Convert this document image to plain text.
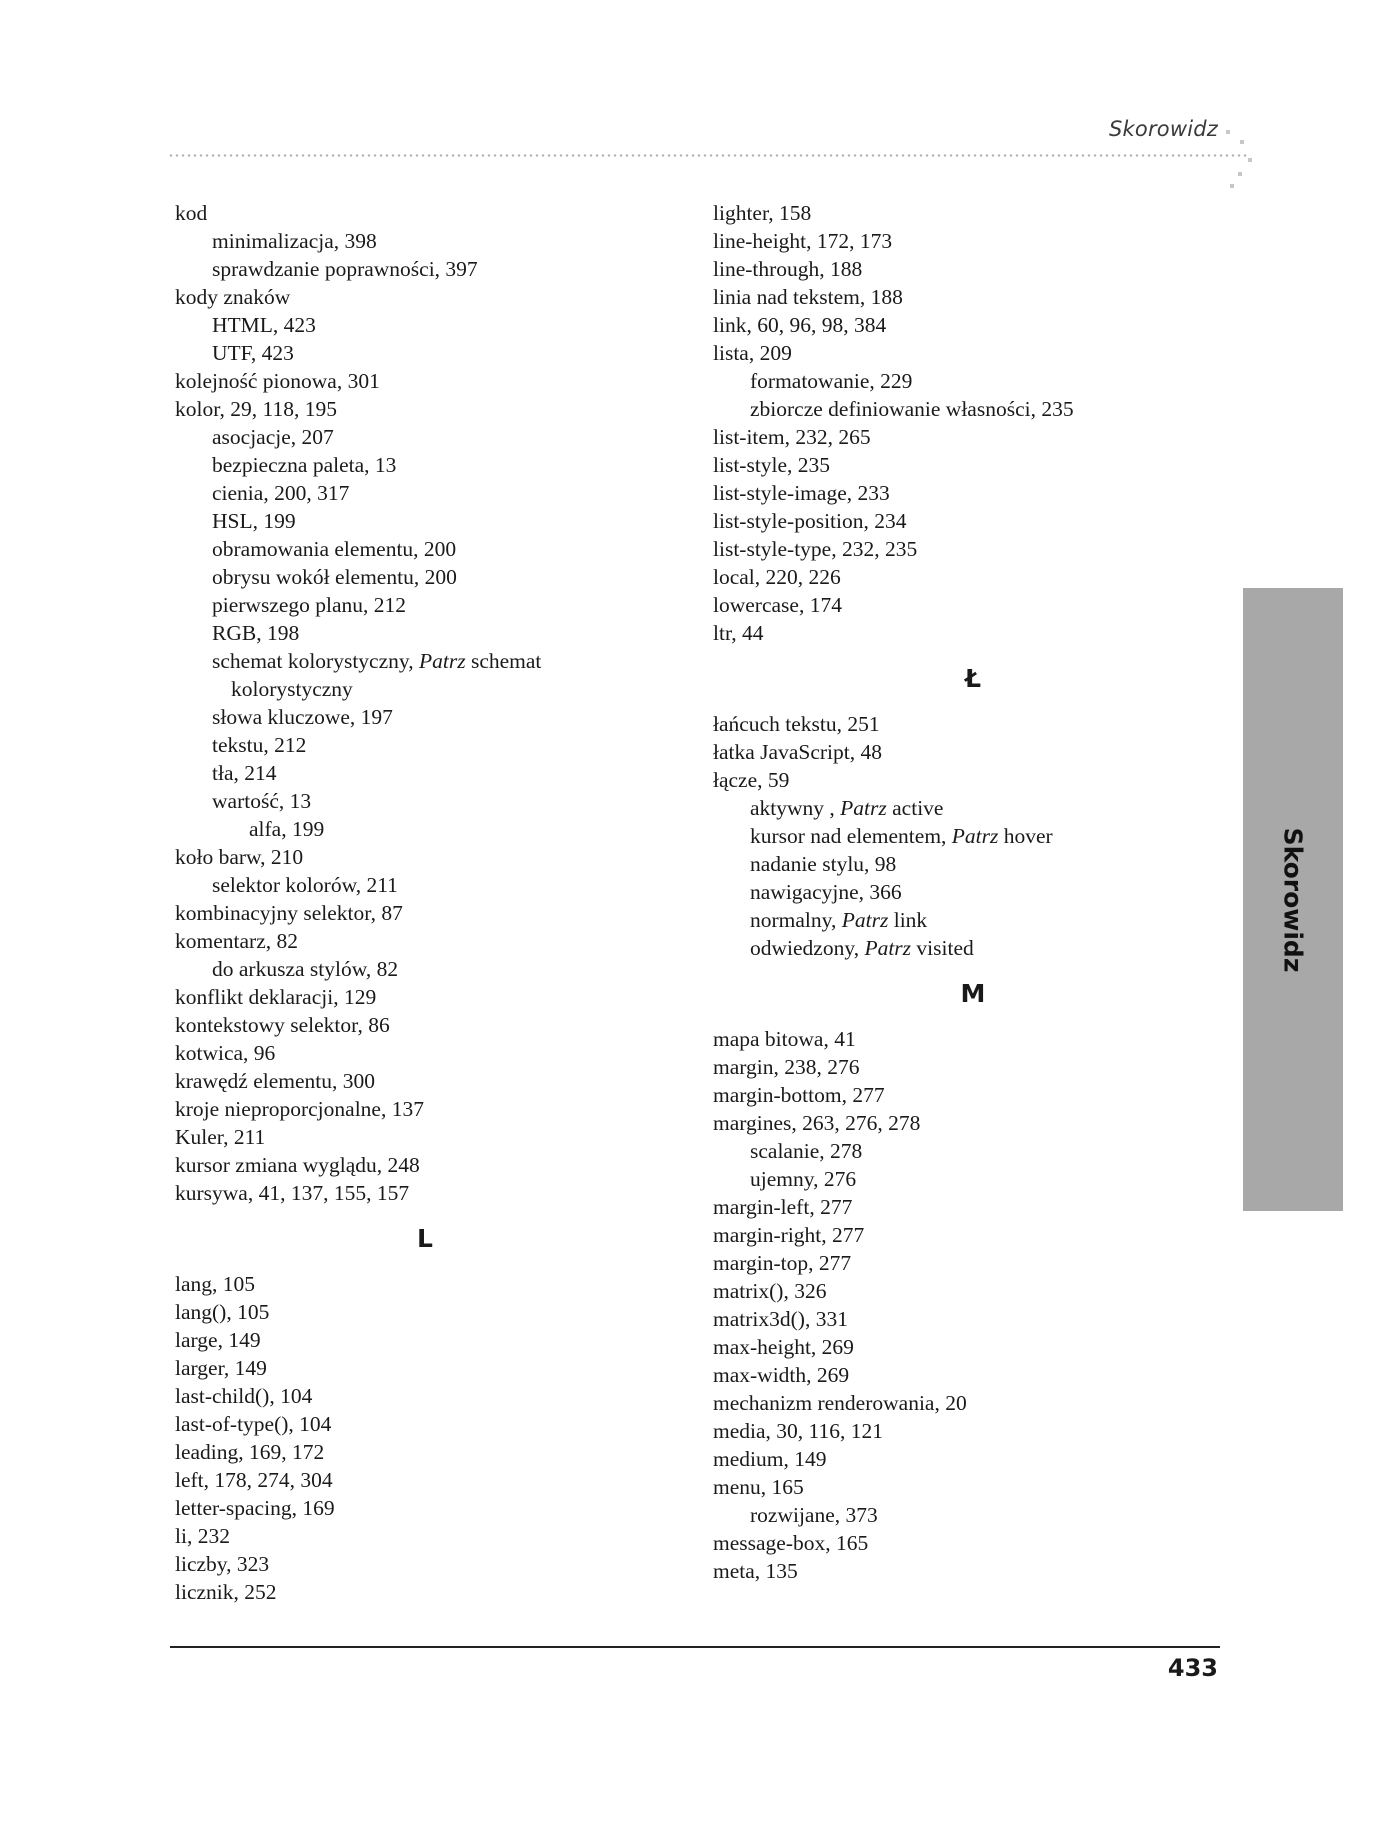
Skorowidz
kod
minimalizacja, 398
sprawdzanie poprawności, 397
kody znaków
HTML, 423
UTF, 423
kolejność pionowa, 301
kolor, 29, 118, 195
asocjacje, 207
bezpieczna paleta, 13
cienia, 200, 317
HSL, 199
obramowania elementu, 200
obrysu wokół elementu, 200
pierwszego planu, 212
RGB, 198
schemat kolorystyczny, Patrz schemat
kolorystyczny
słowa kluczowe, 197
tekstu, 212
tła, 214
wartość, 13
alfa, 199
koło barw, 210
selektor kolorów, 211
kombinacyjny selektor, 87
komentarz, 82
do arkusza stylów, 82
konflikt deklaracji, 129
kontekstowy selektor, 86
kotwica, 96
krawędź elementu, 300
kroje nieproporcjonalne, 137
Kuler, 211
kursor zmiana wyglądu, 248
kursywa, 41, 137, 155, 157
L
lang, 105
lang(), 105
large, 149
larger, 149
last-child(), 104
last-of-type(), 104
leading, 169, 172
left, 178, 274, 304
letter-spacing, 169
li, 232
liczby, 323
licznik, 252
lighter, 158
line-height, 172, 173
line-through, 188
linia nad tekstem, 188
link, 60, 96, 98, 384
lista, 209
formatowanie, 229
zbiorcze definiowanie własności, 235
list-item, 232, 265
list-style, 235
list-style-image, 233
list-style-position, 234
list-style-type, 232, 235
local, 220, 226
lowercase, 174
ltr, 44
Ł
łańcuch tekstu, 251
łatka JavaScript, 48
łącze, 59
aktywny , Patrz active
kursor nad elementem, Patrz hover
nadanie stylu, 98
nawigacyjne, 366
normalny, Patrz link
odwiedzony, Patrz visited
M
mapa bitowa, 41
margin, 238, 276
margin-bottom, 277
margines, 263, 276, 278
scalanie, 278
ujemny, 276
margin-left, 277
margin-right, 277
margin-top, 277
matrix(), 326
matrix3d(), 331
max-height, 269
max-width, 269
mechanizm renderowania, 20
media, 30, 116, 121
medium, 149
menu, 165
rozwijane, 373
message-box, 165
meta, 135
Skorowidz
433
